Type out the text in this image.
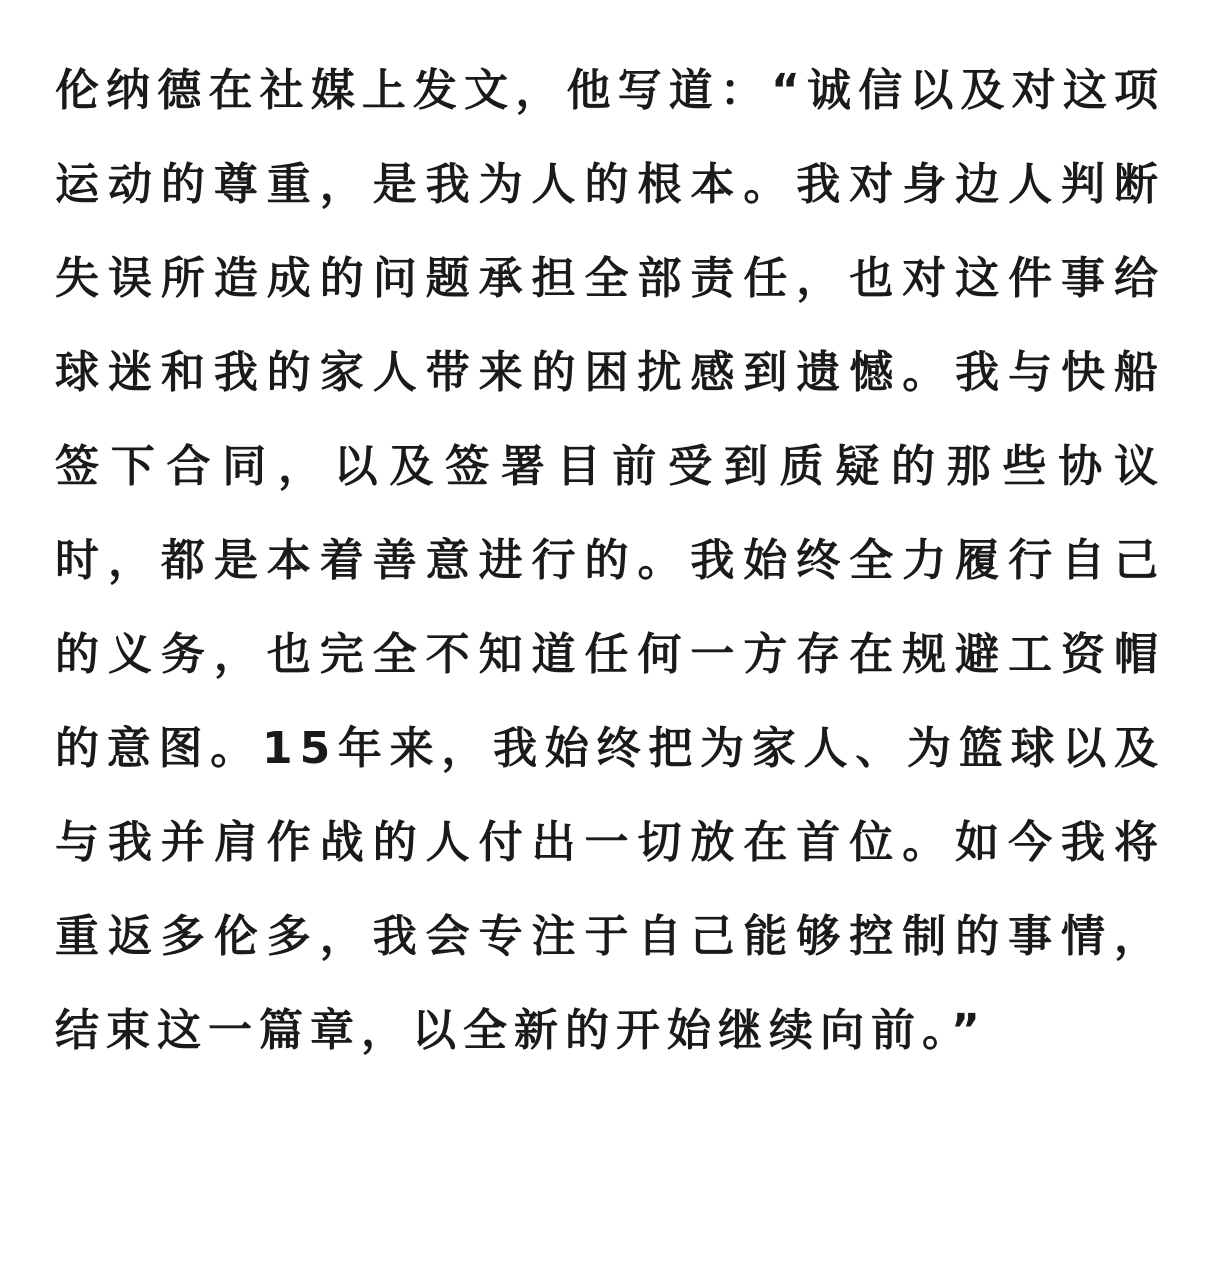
伦纳德在社媒上发文，他写道：“诚信以及对这项运动的尊重，是我为人的根本。我对身边人判断失误所造成的问题承担全部责任，也对这件事给球迷和我的家人带来的困扰感到遗憾。我与快船签下合同，以及签署目前受到质疑的那些协议时，都是本着善意进行的。我始终全力履行自己的义务，也完全不知道任何一方存在规避工资帽的意图。15年来，我始终把为家人、为篮球以及与我并肩作战的人付出一切放在首位。如今我将重返多伦多，我会专注于自己能够控制的事情，结束这一篇章，以全新的开始继续向前。”
